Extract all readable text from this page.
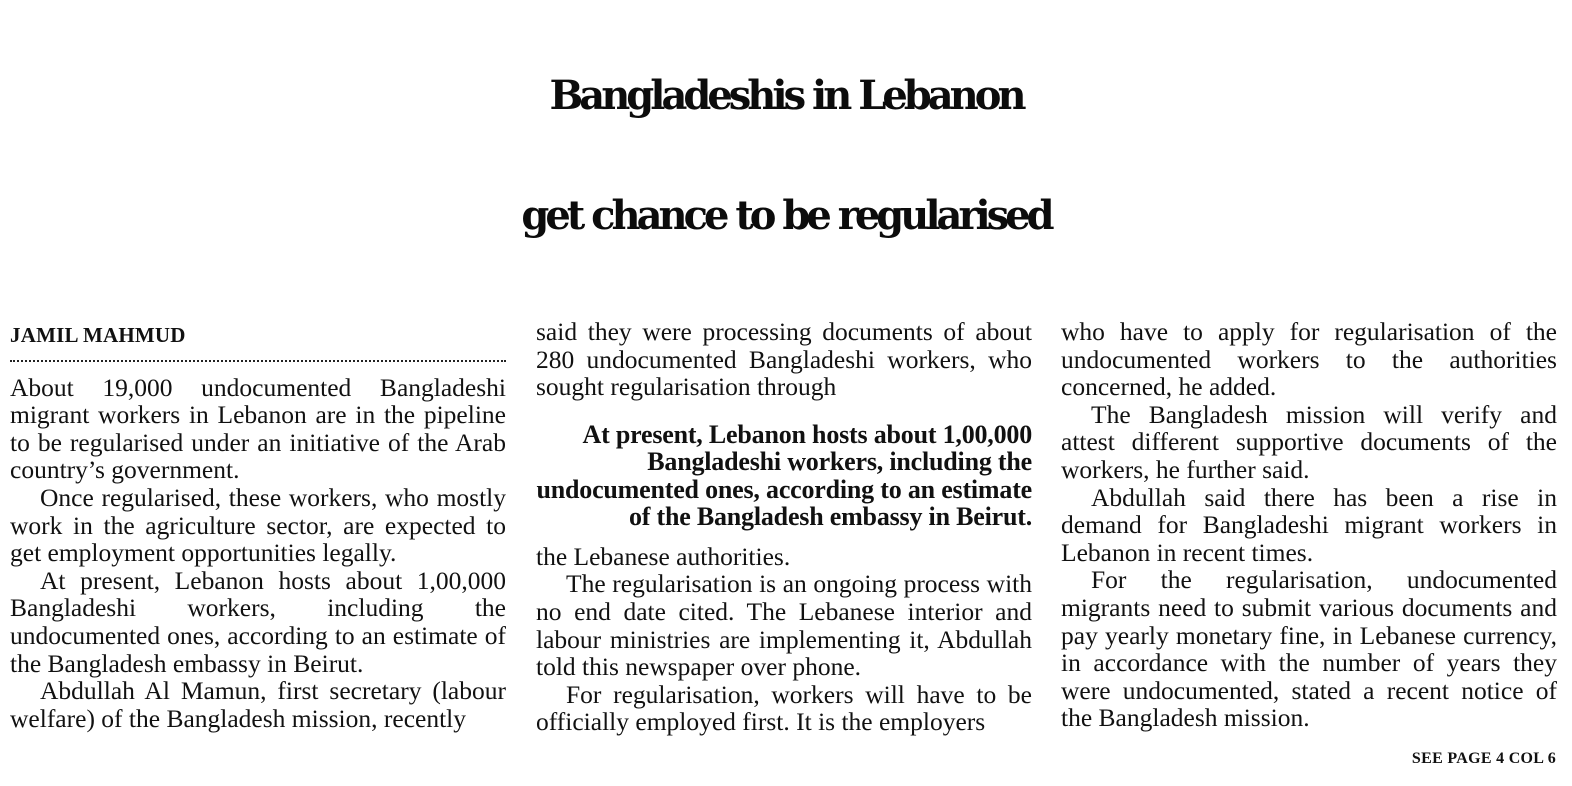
Bangladeshis in Lebanon
get chance to be regularised
JAMIL MAHMUD

About 19,000 undocumented Bangladeshi migrant workers in Lebanon are in the pipeline to be regularised under an initiative of the Arab country’s government.

Once regularised, these workers, who mostly work in the agriculture sector, are expected to get employment opportunities legally.

At present, Lebanon hosts about 1,00,000 Bangladeshi workers, including the undocumented ones, according to an estimate of the Bangladesh embassy in Beirut.

Abdullah Al Mamun, first secretary (labour welfare) of the Bangladesh mission, recently

said they were processing documents of about 280 undocumented Bangladeshi workers, who sought regularisation through

At present, Lebanon hosts about 1,00,000 Bangladeshi workers, including the undocumented ones, according to an estimate of the Bangladesh embassy in Beirut.

the Lebanese authorities.

The regularisation is an ongoing process with no end date cited. The Lebanese interior and labour ministries are implementing it, Abdullah told this newspaper over phone.

For regularisation, workers will have to be officially employed first. It is the employers

who have to apply for regularisation of the undocumented workers to the authorities concerned, he added.

The Bangladesh mission will verify and attest different supportive documents of the workers, he further said.

Abdullah said there has been a rise in demand for Bangladeshi migrant workers in Lebanon in recent times.

For the regularisation, undocumented migrants need to submit various documents and pay yearly monetary fine, in Lebanese currency, in accordance with the number of years they were undocumented, stated a recent notice of the Bangladesh mission.

SEE PAGE 4 COL 6
